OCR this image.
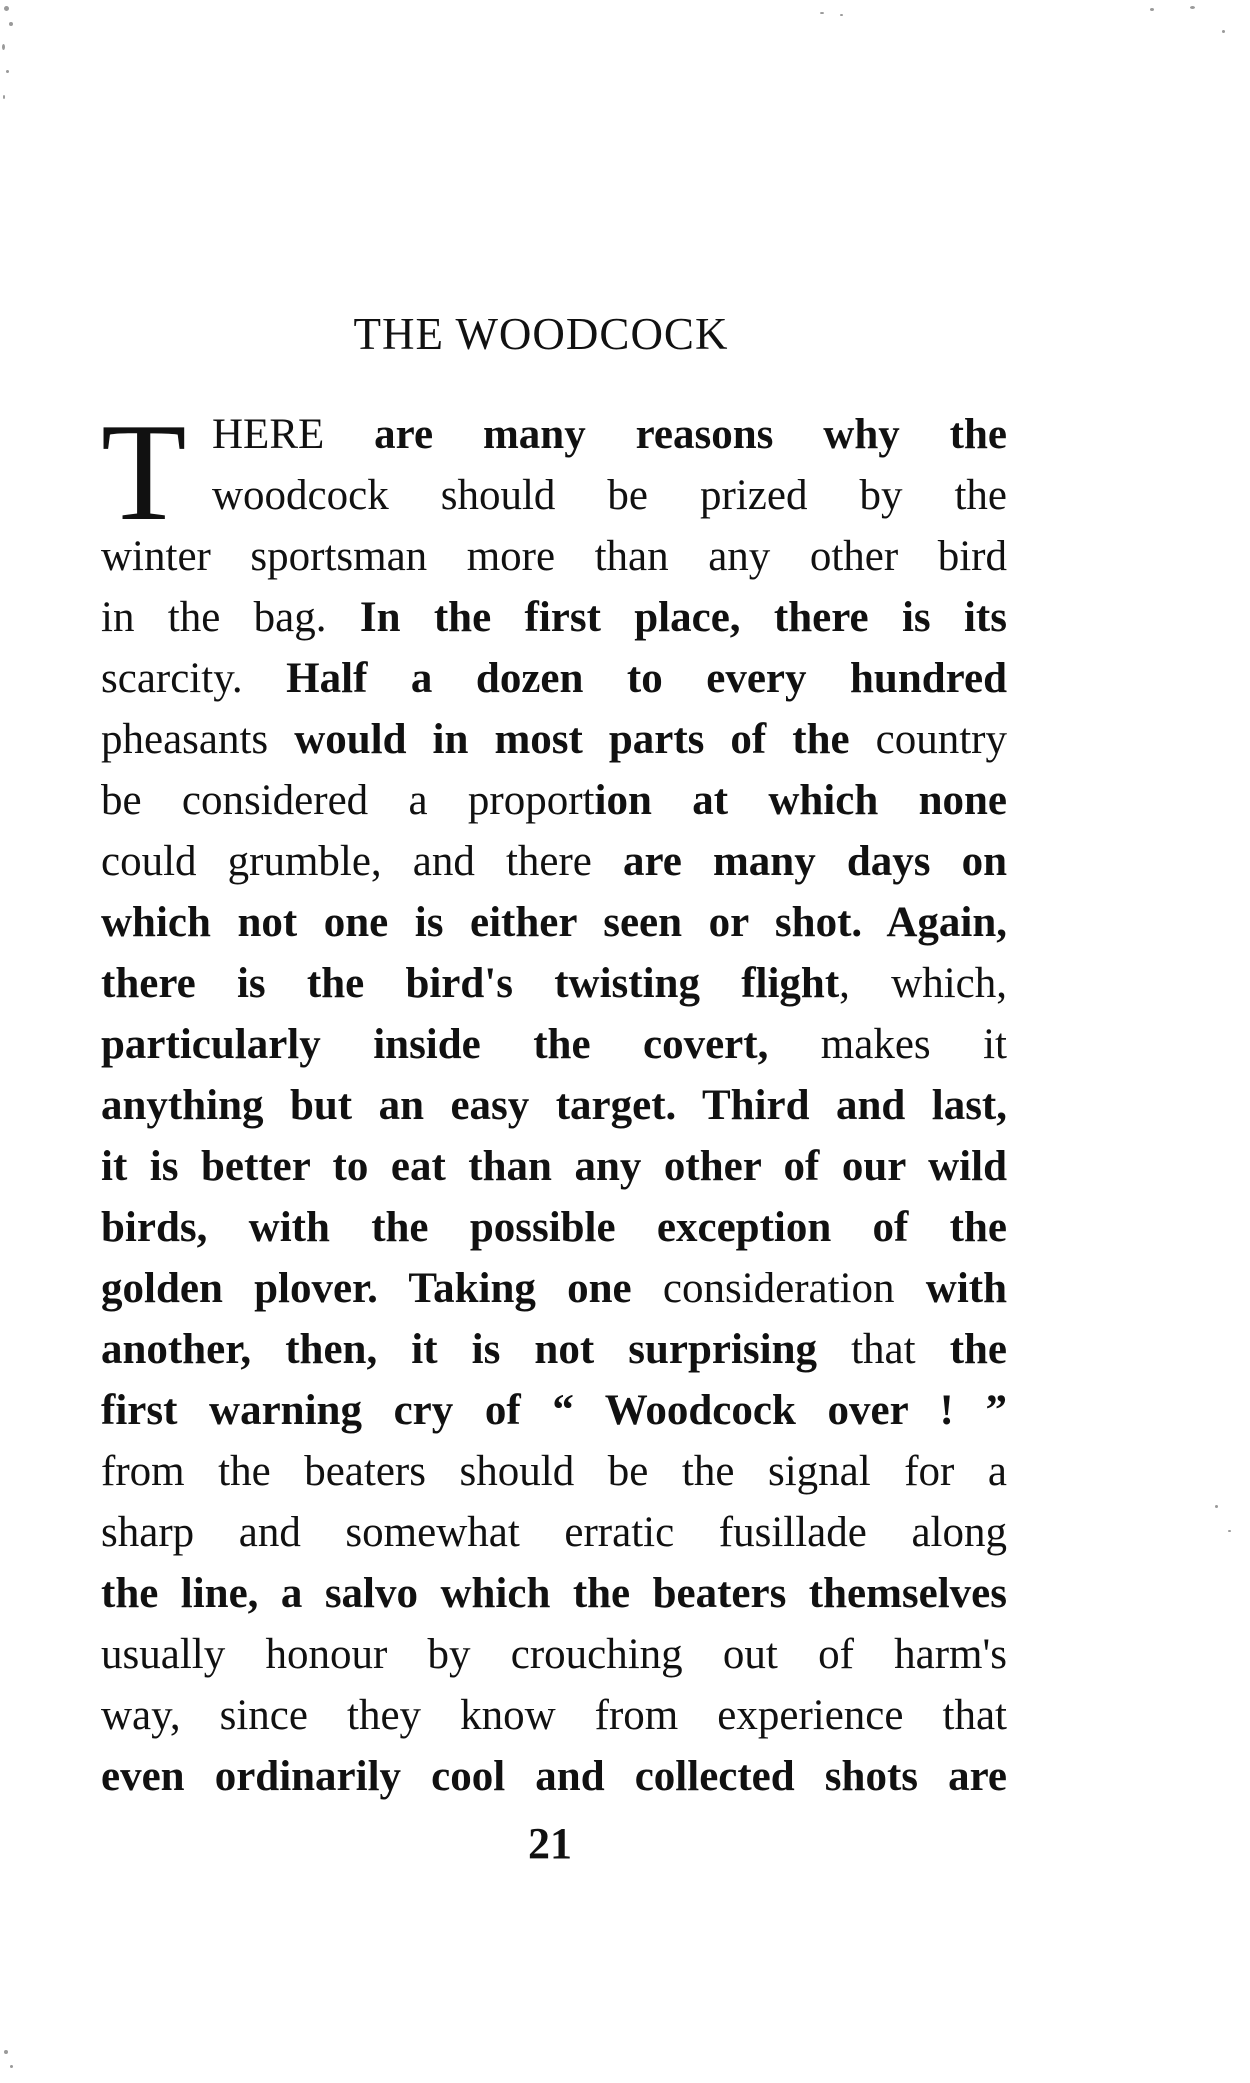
THE WOODCOCK
T HERE are many reasons why the
woodcock should be prized by the
winter sportsman more than any other bird
in the bag. In the first place, there is its
scarcity. Half a dozen to every hundred
pheasants would in most parts of the country
be considered a proportion at which none
could grumble, and there are many days on
which not one is either seen or shot. Again,
there is the bird's twisting flight, which,
particularly inside the covert, makes it
anything but an easy target. Third and last,
it is better to eat than any other of our wild
birds, with the possible exception of the
golden plover. Taking one consideration with
another, then, it is not surprising that the
first warning cry of “ Woodcock over ! ”
from the beaters should be the signal for a
sharp and somewhat erratic fusillade along
the line, a salvo which the beaters themselves
usually honour by crouching out of harm's
way, since they know from experience that
even ordinarily cool and collected shots are
21
